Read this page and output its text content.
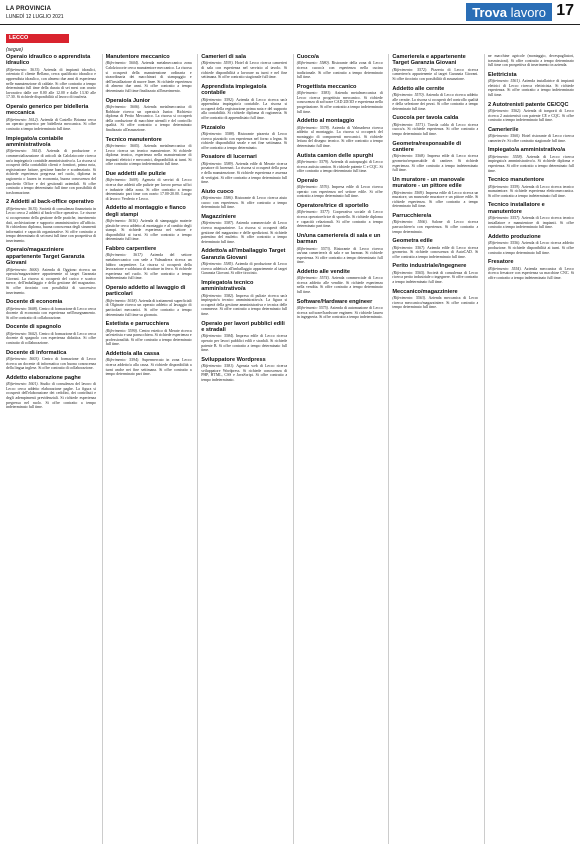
LA PROVINCIA
LUNEDÌ 12 LUGLIO 2021	Trova lavoro 17
LECCO
(segue)
Operaio idraulico o apprendista idraulico

(Riferimento: 5613). Azienda di impianti idraulici, orientato il cliente Bellano, cerca qualificato idraulico e apprendista idraulico, con almeno due anni di esperienza nelle manutenzione di caldaie. Si offre contratto a tempo determinato full time della durata di sei mesi con orario lavorativo dalle ore 8.00 alle 12.00 e dalle 13.30 alle 17.30. Si richiede disponibilità al lavoro di trasferta.

Operaio generico per bidelleria meccanica

(Riferimento: 5612). Azienda di Castello Brianza cerca un operaio generico per bidelleria meccanica. Si offre contratto a tempo indeterminato full time.

Impiegato/a contabile amministrativo/a

(Riferimento: 5614). Azienda di produzione e commercializzazione di articoli da Calolziocorte ricerca un/a impiegato/a contabile amministrativo/a. La risorsa si occuperà della contabilità clienti e fornitori, prima nota, registrazione fatture, gestione banche e scadenziario. Si richiede esperienza pregressa nel ruolo, diploma in ragioneria o laurea in economia, buona conoscenza del pacchetto Office e dei gestionali aziendali. Si offre contratto a tempo determinato full time con possibilità di trasformazione.

2 Addetti al back-office operativo

(Riferimento: 5615). Società di consulenza finanziaria in Lecco cerca 2 addetti al back-office operativo. Le risorse si occuperanno della gestione delle pratiche, inserimento dati, archiviazione e supporto amministrativo all'ufficio. Si richiedono diploma, buona conoscenza degli strumenti informatici e capacità organizzative. Si offre contratto a tempo determinato di sei mesi full time con prospettiva di inserimento.

Operaio/magazziniere appartenente Target Garanzia Giovani

(Riferimento: 5600). Azienda di Oggiono ricerca un operaio/magazziniere appartenente al target Garanzia Giovani. La risorsa si occuperà del carico e scarico merce, dell'imballaggio e della gestione del magazzino. Si offre tirocinio con possibilità di successivo inserimento.

Docente di economia

(Riferimento: 5608). Centro di formazione di Lecco cerca docente di economia con esperienza nell'insegnamento. Si offre contratto di collaborazione.

Docente di spagnolo

(Riferimento: 5602). Centro di formazione di Lecco cerca docente di spagnolo con esperienza didattica. Si offre contratto di collaborazione.

Docente di informatica

(Riferimento: 5603). Centro di formazione di Lecco ricerca un docente di informatica con buona conoscenza della lingua inglese. Si offre contratto di collaborazione.

Addetto elaborazione paghe

(Riferimento: 5601). Studio di consulenza del lavoro di Lecco cerca addetto elaborazione paghe. La figura si occuperà dell'elaborazione dei cedolini, dei contributi e degli adempimenti previdenziali. Si richiede esperienza pregressa nel ruolo. Si offre contratto a tempo indeterminato full time.

Manutentore meccanico

(Riferimento: 5604). Azienda metalmeccanica zona Calolziocorte cerca manutentore meccanico. La risorsa si occuperà della manutenzione ordinaria e straordinaria dei macchinari di stampaggio e dell'installazione di nuove linee. Si richiede esperienza di almeno due anni. Si offre contratto a tempo determinato full time finalizzato all'inserimento.

Operaio/a Junior

(Riferimento: 5606). Azienda metalmeccanica di Robbiate ricerca un operaio/a Junior. Richiesto diploma di Perito Meccanico. La risorsa si occuperà della conduzione di macchine utensili e del controllo qualità. Si offre contratto a tempo determinato finalizzato all'assunzione.

Tecnico manutentore

(Riferimento: 5605). Azienda metalmeccanica di Lecco ricerca un tecnico manutentore. Si richiede diploma tecnico, esperienza nella manutenzione di impianti elettrici e meccanici, disponibilità ai turni. Si offre contratto a tempo indeterminato full time.

Due addetti alle pulizie

(Riferimento: 5609). Agenzia di servizi di Lecco ricerca due addetti alle pulizie per lavoro presso uffici e industrie della zona. Si offre contratto a tempo determinato part time con orario 17.00-20.00. Luogo di lavoro: Verderio e Lecco.

Addetto al montaggio e fianco degli stampi

(Riferimento: 5616). Azienda di stampaggio materie plastiche cerca addetto al montaggio e al cambio degli stampi. Si richiede esperienza nel settore e disponibilità ai turni. Si offre contratto a tempo determinato full time.

Fabbro carpentiere

(Riferimento: 5617). Azienda del settore metalmeccanico con sede a Valmadrera ricerca un fabbro carpentiere. La risorsa si occuperà della lavorazione e saldatura di strutture in ferro. Si richiede esperienza nel ruolo. Si offre contratto a tempo indeterminato full time.

Operaio addetto al lavaggio di particolari

(Riferimento: 5618). Azienda di trattamenti superficiali di Olginate ricerca un operaio addetto al lavaggio di particolari meccanici. Si offre contratto a tempo determinato full time su giornata.

Estetista e parrucchiera

(Riferimento: 5590). Centro estetico di Merate ricerca un'estetista e una parrucchiera. Si richiede esperienza e professionalità. Si offre contratto a tempo determinato full time.

Addetto/a alla cassa

(Riferimento: 5594). Supermercato in zona Lecco ricerca addetto/a alla cassa. Si richiede disponibilità a turni anche nei fine settimana. Si offre contratto a tempo determinato part time.

Camerieri di sala

(Riferimento: 5593). Hotel di Lecco ricerca camerieri di sala con esperienza nel servizio al tavolo. Si richiede disponibilità a lavorare su turni e nel fine settimana. Si offre contratto stagionale full time.

Apprendista impiegato/a contabile

(Riferimento: 5592). Azienda di Lecco ricerca un/a apprendista impiegato/a contabile. La risorsa si occuperà della registrazione prima nota e del supporto alla contabilità. Si richiede diploma di ragioneria. Si offre contratto di apprendistato full time.

Pizzaiolo

(Riferimento: 5588). Ristorante pizzeria di Lecco ricerca pizzaiolo con esperienza nel forno a legna. Si richiede disponibilità serale e nei fine settimana. Si offre contratto a tempo determinato.

Posatore di lucernari

(Riferimento: 5589). Azienda edile di Merate ricerca posatore di lucernari. La risorsa si occuperà della posa e della manutenzione. Si richiede esperienza e assenza di vertigini. Si offre contratto a tempo determinato full time.

Aiuto cuoco

(Riferimento: 5586). Ristorante di Lecco ricerca aiuto cuoco con esperienza. Si offre contratto a tempo determinato full time.

Magazziniere

(Riferimento: 5587). Azienda commerciale di Lecco ricerca magazziniere. La risorsa si occuperà della gestione del magazzino e delle spedizioni. Si richiede patentino del muletto. Si offre contratto a tempo determinato full time.

Addetto/a all'imballaggio Target Garanzia Giovani

(Riferimento: 5585). Azienda di produzione di Lecco ricerca addetto/a all'imballaggio appartenente al target Garanzia Giovani. Si offre tirocinio.

Impiegato/a tecnico amministrativo/a

(Riferimento: 5582). Impresa di pulizie ricerca un/a impiegato/a tecnico amministrativo/a. La figura si occuperà della gestione amministrativa e tecnica delle commesse. Si offre contratto a tempo determinato full time.

Operaio per lavori pubblici edili e stradali

(Riferimento: 5584). Impresa edile di Lecco ricerca operaio per lavori pubblici edili e stradali. Si richiede patente B. Si offre contratto a tempo determinato full time.

Sviluppatore Wordpress

(Riferimento: 5581). Agenzia web di Lecco ricerca sviluppatore Wordpress. Si richiede conoscenza di PHP, HTML, CSS e JavaScript. Si offre contratto a tempo indeterminato.

Cuoco/a

(Riferimento: 5580). Ristorante della zona di Lecco ricerca cuoco/a con esperienza nella cucina tradizionale. Si offre contratto a tempo determinato full time.

Progettista meccanico

(Riferimento: 5583). Azienda metalmeccanica di Lecco ricerca progettista meccanico. Si richiede conoscenza di software CAD 2D/3D e esperienza nella progettazione. Si offre contratto a tempo indeterminato full time.

Addetto al montaggio

(Riferimento: 5578). Azienda di Valmadrera ricerca addetto al montaggio. La risorsa si occuperà del montaggio di componenti meccanici. Si richiede lettura del disegno tecnico. Si offre contratto a tempo determinato full time.

Autista camion delle spurghi

(Riferimento: 5579). Azienda di autospurghi di Lecco ricerca autista camion. Si richiede patente C e CQC. Si offre contratto a tempo determinato full time.

Operaio

(Riferimento: 5576). Impresa edile di Lecco ricerca operaio con esperienza nel settore edile. Si offre contratto a tempo determinato full time.

Operatore/trice di sportello

(Riferimento: 5577). Cooperativa sociale di Lecco ricerca operatore/trice di sportello. Si richiede diploma e capacità relazionali. Si offre contratto a tempo determinato part time.

Un/una cameriere/a di sala e un barman

(Riferimento: 5573). Ristorante di Lecco ricerca un/una cameriere/a di sala e un barman. Si richiede esperienza. Si offre contratto a tempo determinato full time.

Addetto alle vendite

(Riferimento: 5574). Azienda commerciale di Lecco ricerca addetto alle vendite. Si richiede esperienza nella vendita. Si offre contratto a tempo determinato full time.

Software/Hardware engineer

(Riferimento: 5575). Azienda di automazione di Lecco ricerca software/hardware engineer. Si richiede laurea in ingegneria. Si offre contratto a tempo indeterminato.

Cameriere/a e appartenente Target Garanzia Giovani

(Riferimento: 5572). Pizzeria di Lecco ricerca cameriere/a appartenente al target Garanzia Giovani. Si offre tirocinio con possibilità di assunzione.

Addetto alle cernite

(Riferimento: 5570). Azienda di Lecco ricerca addetto alle cernite. La risorsa si occuperà del controllo qualità e della selezione dei pezzi. Si offre contratto a tempo determinato full time.

Cuoco/a per tavola calda

(Riferimento: 5571). Tavola calda di Lecco ricerca cuoco/a. Si richiede esperienza. Si offre contratto a tempo determinato full time.

Geometra/responsabile di cantiere

(Riferimento: 5568). Impresa edile di Lecco ricerca geometra/responsabile di cantiere. Si richiede esperienza. Si offre contratto a tempo indeterminato full time.

Un muratore - un manovale muratore - un pittore edile

(Riferimento: 5569). Impresa edile di Lecco ricerca un muratore, un manovale muratore e un pittore edile. Si richiede esperienza. Si offre contratto a tempo determinato full time.

Parrucchiere/a

(Riferimento: 5566). Salone di Lecco ricerca parrucchiere/a con esperienza. Si offre contratto a tempo determinato.

Geometra edile

(Riferimento: 5567). Azienda edile di Lecco ricerca geometra. Si richiede conoscenza di AutoCAD. Si offre contratto a tempo indeterminato full time.

Perito industriale/ingegnere

(Riferimento: 5565). Società di consulenza di Lecco ricerca perito industriale o ingegnere. Si offre contratto a tempo indeterminato full time.

Meccanico/magazziniere

(Riferimento: 5563). Azienda meccanica di Lecco ricerca meccanico/magazziniere. Si offre contratto a tempo determinato full time.

ne macchine agricole (montaggio, decespugliatori, trasmissioni). Si offre contratto a tempo determinato full time con prospettiva di inserimento in azienda.

Elettricista

(Riferimento: 5561). Azienda installatrice di impianti elettrici di Lecco ricerca elettricista. Si richiede esperienza. Si offre contratto a tempo indeterminato full time.

2 Autotrenisti patente CE/CQC

(Riferimento: 5562). Azienda di trasporti di Lecco ricerca 2 autotrenisti con patente CE e CQC. Si offre contratto a tempo indeterminato full time.

Camerieri/e

(Riferimento: 5560). Hotel ristorante di Lecco ricerca camerieri/e. Si offre contratto stagionale full time.

Impiegato/a amministrativo/a

(Riferimento: 5558). Azienda di Lecco ricerca impiegato/a amministrativo/a. Si richiede diploma e esperienza. Si offre contratto a tempo determinato full time.

Tecnico manutentore

(Riferimento: 5559). Azienda di Lecco ricerca tecnico manutentore. Si richiede esperienza elettromeccanica. Si offre contratto a tempo indeterminato full time.

Tecnico installatore e manutentore

(Riferimento: 5557). Azienda di Lecco ricerca tecnico installatore e manutentore di impianti. Si offre contratto a tempo indeterminato full time.

Addetto produzione

(Riferimento: 5556). Azienda di Lecco ricerca addetto produzione. Si richiede disponibilità ai turni. Si offre contratto a tempo determinato full time.

Fresatore

(Riferimento: 5554). Azienda meccanica di Lecco ricerca fresatore con esperienza su macchine CNC. Si offre contratto a tempo indeterminato full time.
